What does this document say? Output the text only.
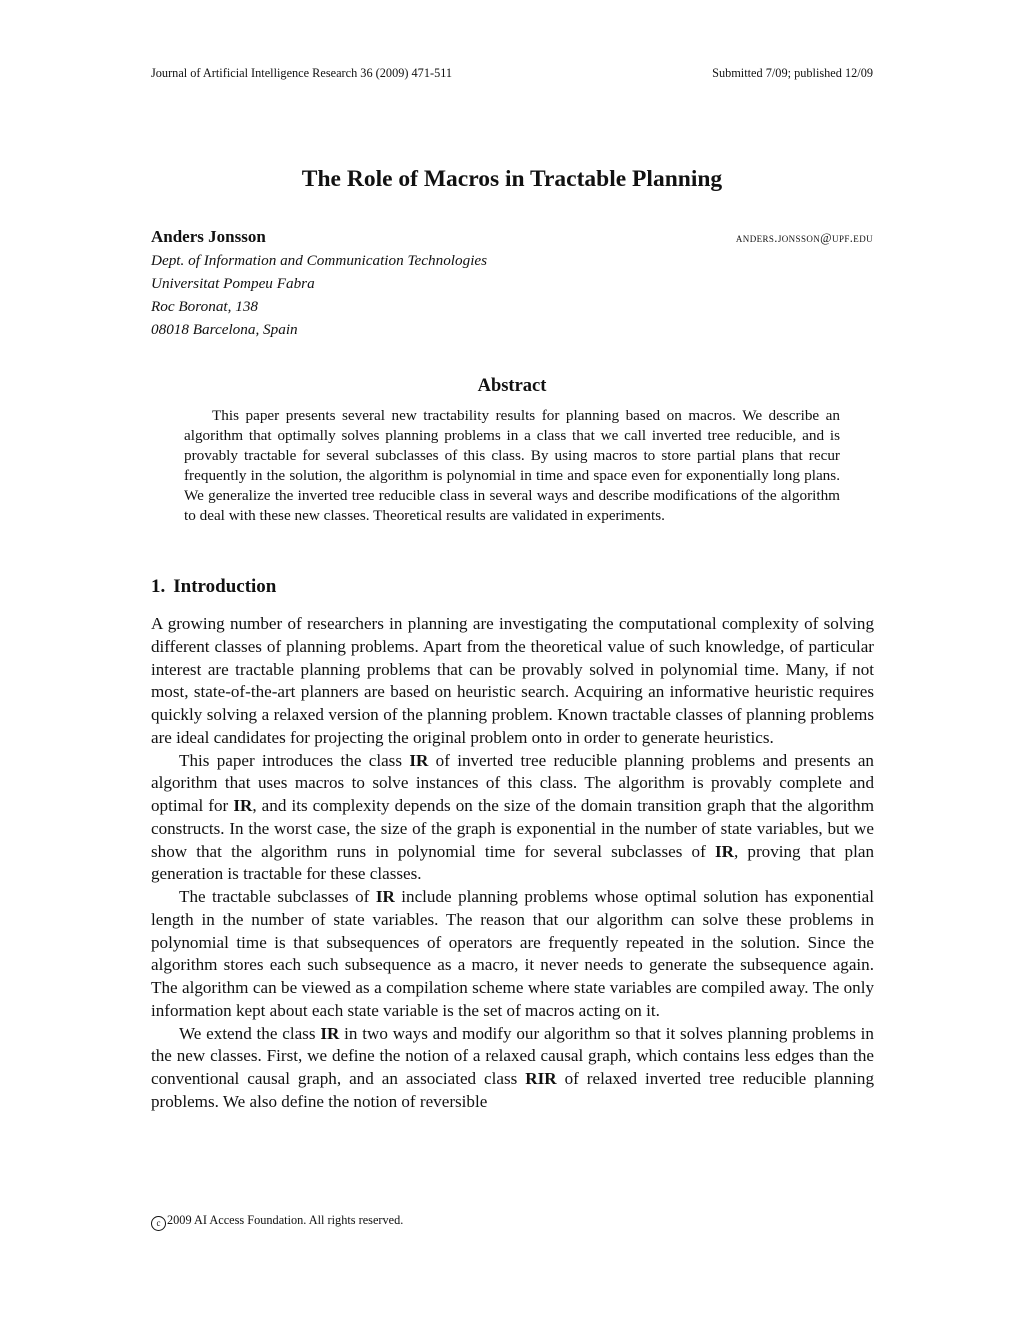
Journal of Artificial Intelligence Research 36 (2009) 471-511	Submitted 7/09; published 12/09
The Role of Macros in Tractable Planning
Anders Jonsson	anders.jonsson@upf.edu
Dept. of Information and Communication Technologies
Universitat Pompeu Fabra
Roc Boronat, 138
08018 Barcelona, Spain
Abstract

This paper presents several new tractability results for planning based on macros. We describe an algorithm that optimally solves planning problems in a class that we call inverted tree reducible, and is provably tractable for several subclasses of this class. By using macros to store partial plans that recur frequently in the solution, the algorithm is polynomial in time and space even for exponentially long plans. We generalize the inverted tree reducible class in several ways and describe modifications of the algorithm to deal with these new classes. Theoretical results are validated in experiments.

1. Introduction

A growing number of researchers in planning are investigating the computational complexity of solving different classes of planning problems. Apart from the theoretical value of such knowledge, of particular interest are tractable planning problems that can be provably solved in polynomial time. Many, if not most, state-of-the-art planners are based on heuristic search. Acquiring an informative heuristic requires quickly solving a relaxed version of the planning problem. Known tractable classes of planning problems are ideal candidates for projecting the original problem onto in order to generate heuristics.

This paper introduces the class IR of inverted tree reducible planning problems and presents an algorithm that uses macros to solve instances of this class. The algorithm is provably complete and optimal for IR, and its complexity depends on the size of the domain transition graph that the algorithm constructs. In the worst case, the size of the graph is exponential in the number of state variables, but we show that the algorithm runs in polynomial time for several subclasses of IR, proving that plan generation is tractable for these classes.

The tractable subclasses of IR include planning problems whose optimal solution has exponential length in the number of state variables. The reason that our algorithm can solve these problems in polynomial time is that subsequences of operators are frequently repeated in the solution. Since the algorithm stores each such subsequence as a macro, it never needs to generate the subsequence again. The algorithm can be viewed as a compilation scheme where state variables are compiled away. The only information kept about each state variable is the set of macros acting on it.

We extend the class IR in two ways and modify our algorithm so that it solves planning problems in the new classes. First, we define the notion of a relaxed causal graph, which contains less edges than the conventional causal graph, and an associated class RIR of relaxed inverted tree reducible planning problems. We also define the notion of reversible

c 2009 AI Access Foundation. All rights reserved.
